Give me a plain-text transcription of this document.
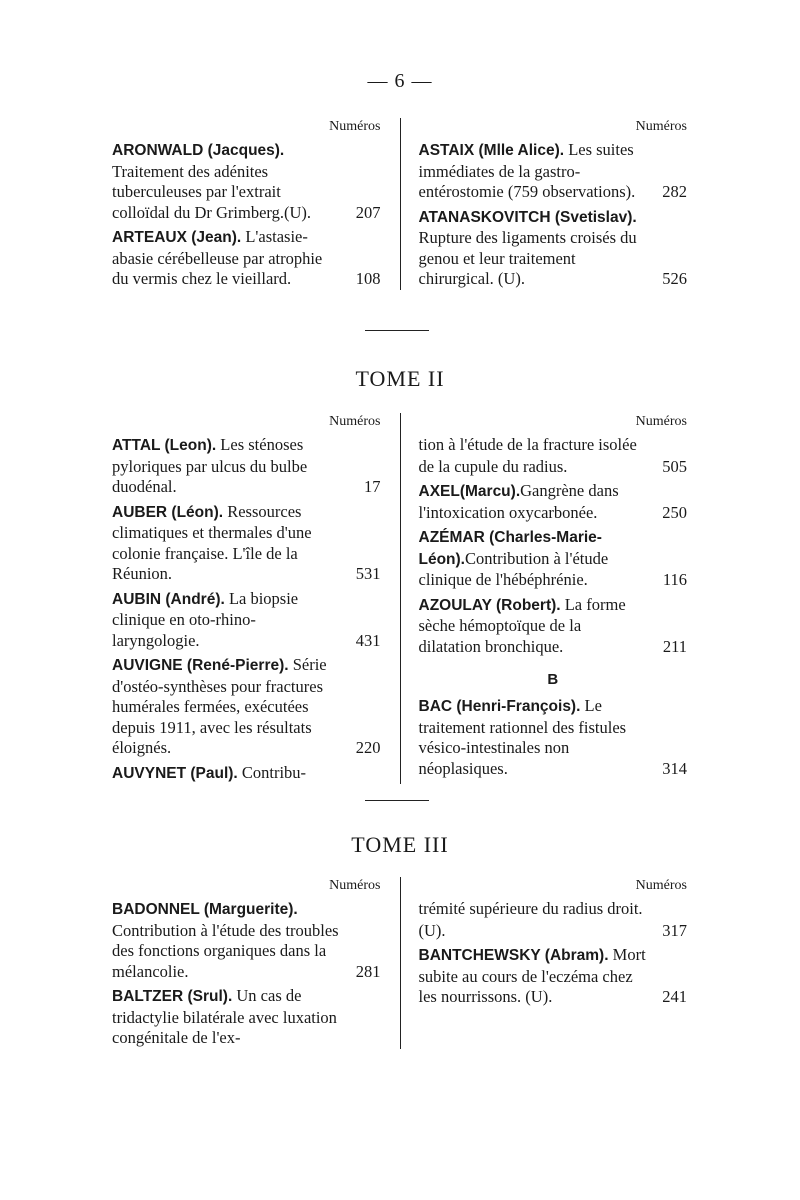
— 6 —
Numéros
ARONWALD (Jacques). Traitement des adénites tuberculeuses par l'extrait colloïdal du Dr Grimberg.(U).	207
ARTEAUX (Jean). L'astasie-abasie cérébelleuse par atrophie du vermis chez le vieillard.	108
Numéros
ASTAIX (Mlle Alice). Les suites immédiates de la gastro-entérostomie (759 observations).	282
ATANASKOVITCH (Svetislav). Rupture des ligaments croisés du genou et leur traitement chirurgical. (U).	526
TOME II
Numéros
ATTAL (Leon). Les sténoses pyloriques par ulcus du bulbe duodénal.	17
AUBER (Léon). Ressources climatiques et thermales d'une colonie française. L'île de la Réunion.	531
AUBIN (André). La biopsie clinique en oto-rhino-laryngologie.	431
AUVIGNE (René-Pierre). Série d'ostéo-synthèses pour fractures humérales fermées, exécutées depuis 1911, avec les résultats éloignés.	220
AUVYNET (Paul). Contribu-
Numéros
tion à l'étude de la fracture isolée de la cupule du radius.	505
AXEL(Marcu).Gangrène dans l'intoxication oxycarbonée.	250
AZÉMAR (Charles-Marie-Léon).Contribution à l'étude clinique de l'hébéphrénie.	116
AZOULAY (Robert). La forme sèche hémoptoïque de la dilatation bronchique.	211
B
BAC (Henri-François). Le traitement rationnel des fistules vésico-intestinales non néoplasiques.	314
TOME III
Numéros
BADONNEL (Marguerite). Contribution à l'étude des troubles des fonctions organiques dans la mélancolie.	281
BALTZER (Srul). Un cas de tridactylie bilatérale avec luxation congénitale de l'ex-
Numéros
trémité supérieure du radius droit. (U).	317
BANTCHEWSKY (Abram). Mort subite au cours de l'eczéma chez les nourrissons. (U).	241
